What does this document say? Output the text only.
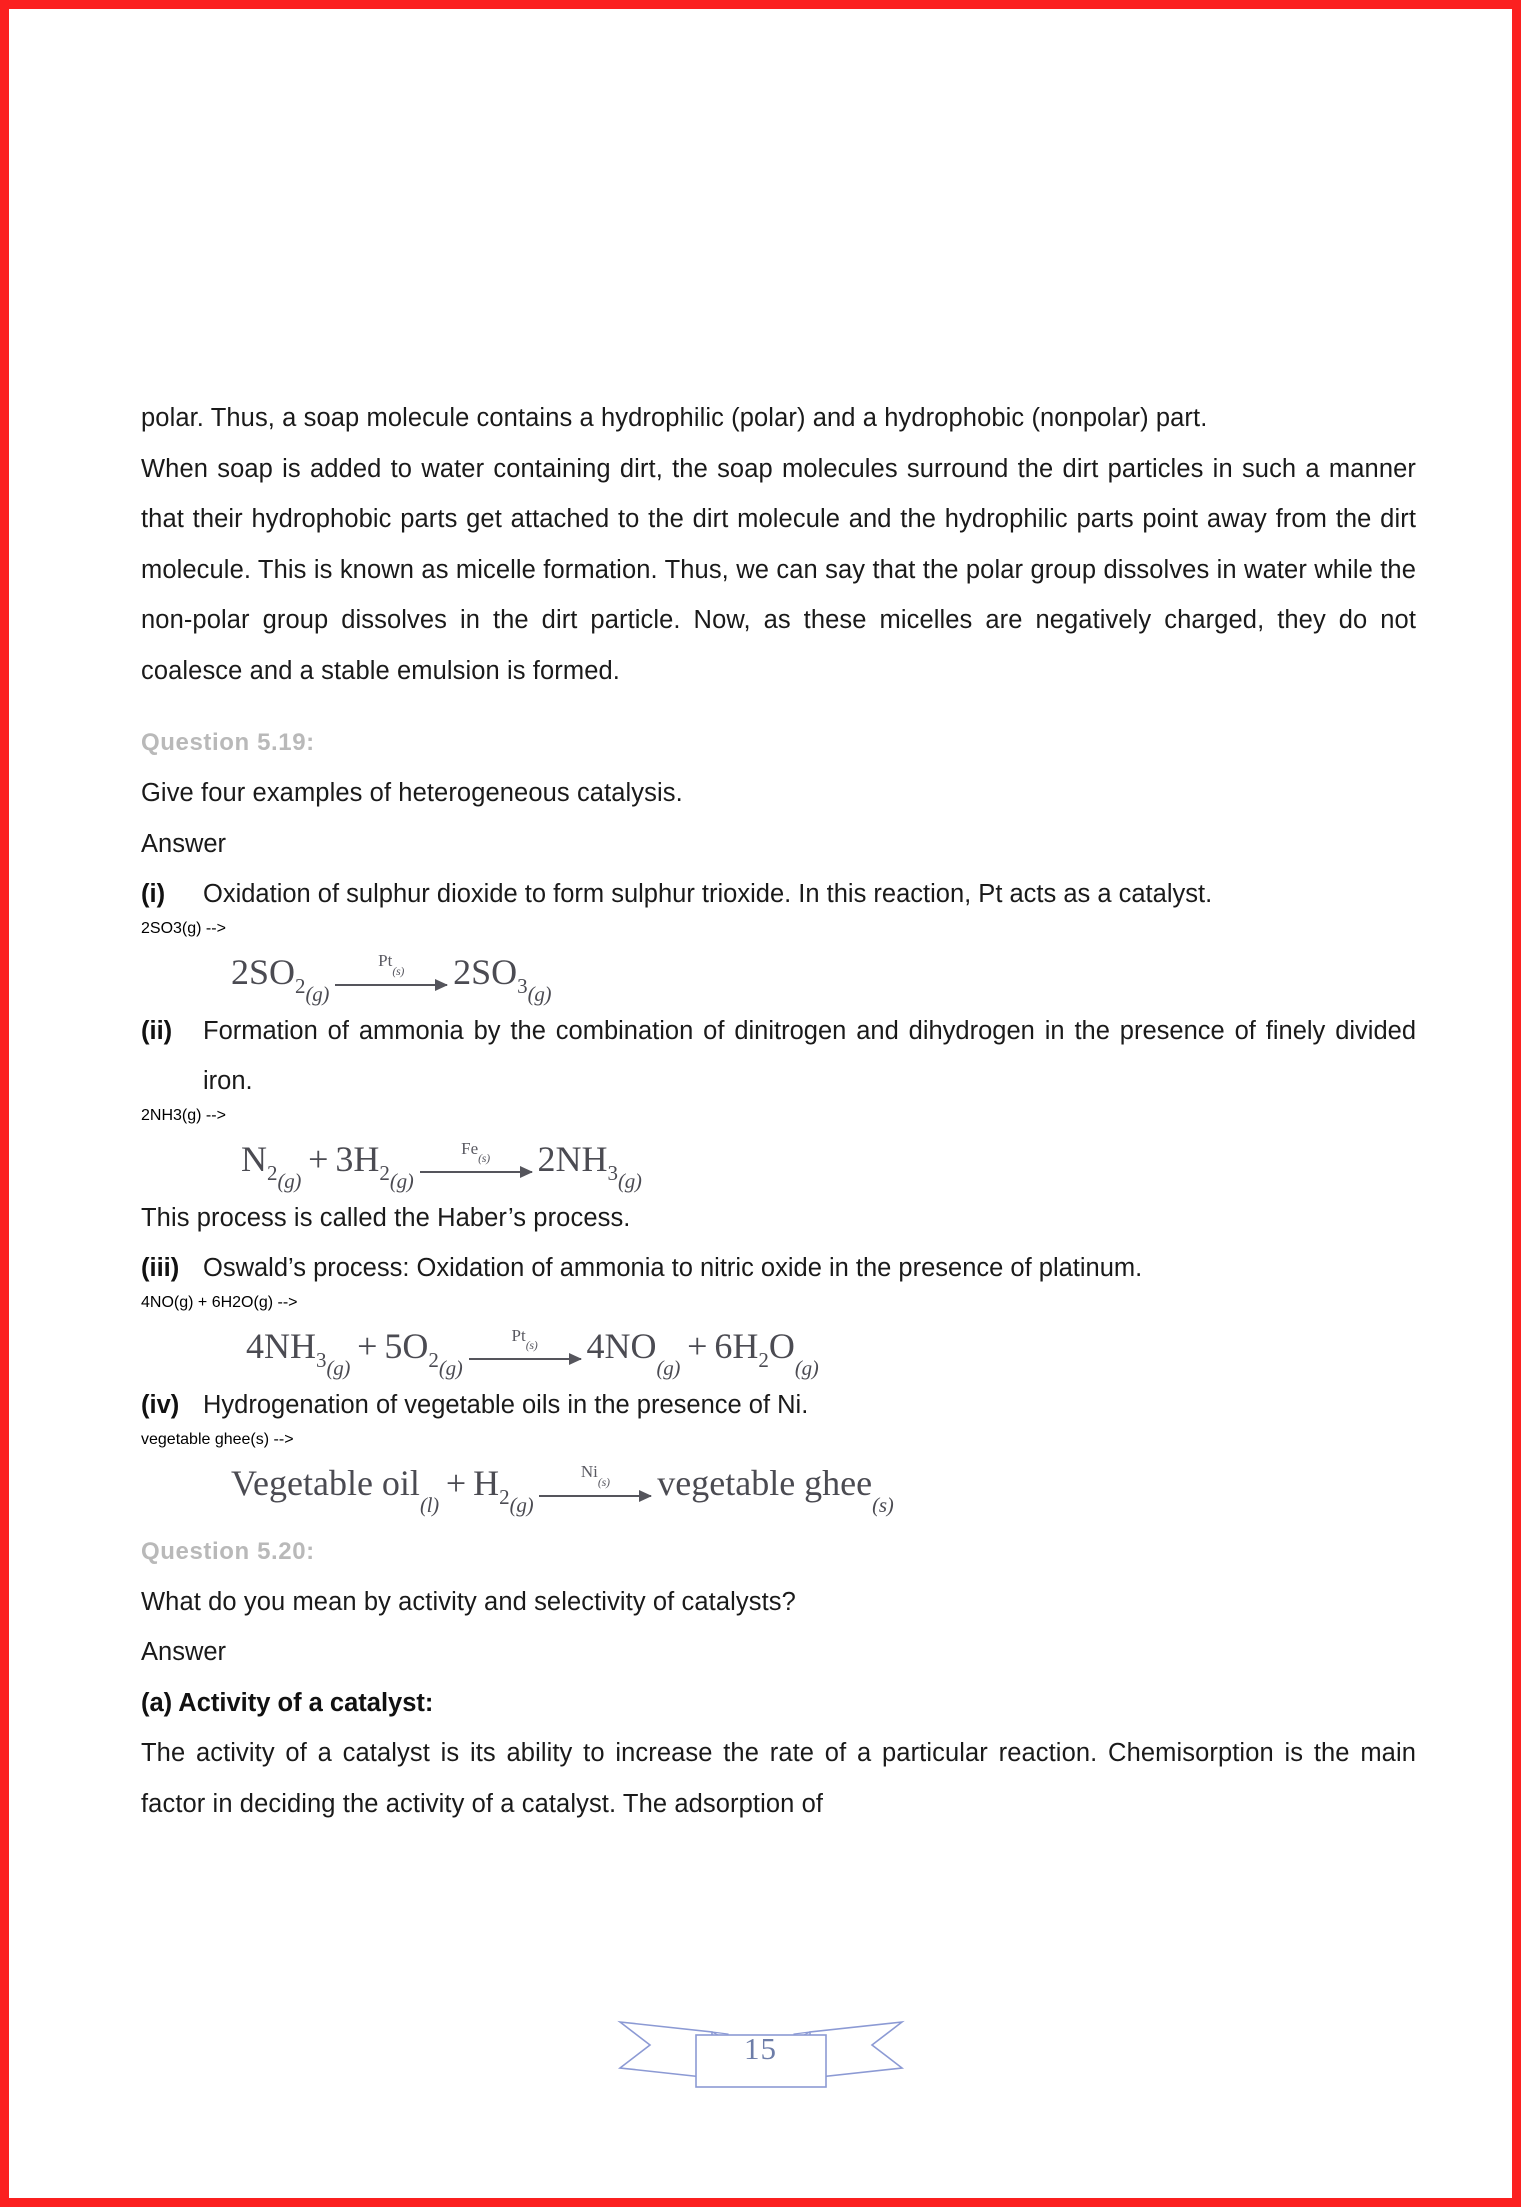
polar. Thus, a soap molecule contains a hydrophilic (polar) and a hydrophobic (nonpolar) part.

When soap is added to water containing dirt, the soap molecules surround the dirt particles in such a manner that their hydrophobic parts get attached to the dirt molecule and the hydrophilic parts point away from the dirt molecule. This is known as micelle formation. Thus, we can say that the polar group dissolves in water while the non-polar group dissolves in the dirt particle. Now, as these micelles are negatively charged, they do not coalesce and a stable emulsion is formed.

Question 5.19:

Give four examples of heterogeneous catalysis.

Answer

(i)	Oxidation of sulphur dioxide to form sulphur trioxide. In this reaction, Pt acts as a catalyst.
2SO3(g) -->
$2SO_{2(g)}$
$Pt_{(s)}$ $2SO_{3(g)}$
(ii)	Formation of ammonia by the combination of dinitrogen and dihydrogen in the presence of finely divided iron.
2NH3(g) -->
$N_{2(g)}+ 3H_{2(g)}$
$Fe_{(s)}$ $2NH_{3(g)}$

This process is called the Haber’s process.

(iii) Oswald’s process: Oxidation of ammonia to nitric oxide in the presence of platinum.
4NO(g) + 6H2O(g) -->
$4NH_{3(g)}+ 5O_{2(g)}$
$Pt_{(s)}$ $4NO_{(g)}+ 6H_2O_{(g)}$
(iv) Hydrogenation of vegetable oils in the presence of Ni.
vegetable ghee(s) -->
Vegetable $oil_{(l)}+ H_{2(g)}$
$Ni_{(s)}$ vegetable ghee$_{(s)}$

Question 5.20:

What do you mean by activity and selectivity of catalysts?

Answer

(a) Activity of a catalyst:

The activity of a catalyst is its ability to increase the rate of a particular reaction. Chemisorption is the main factor in deciding the activity of a catalyst. The adsorption of

15
